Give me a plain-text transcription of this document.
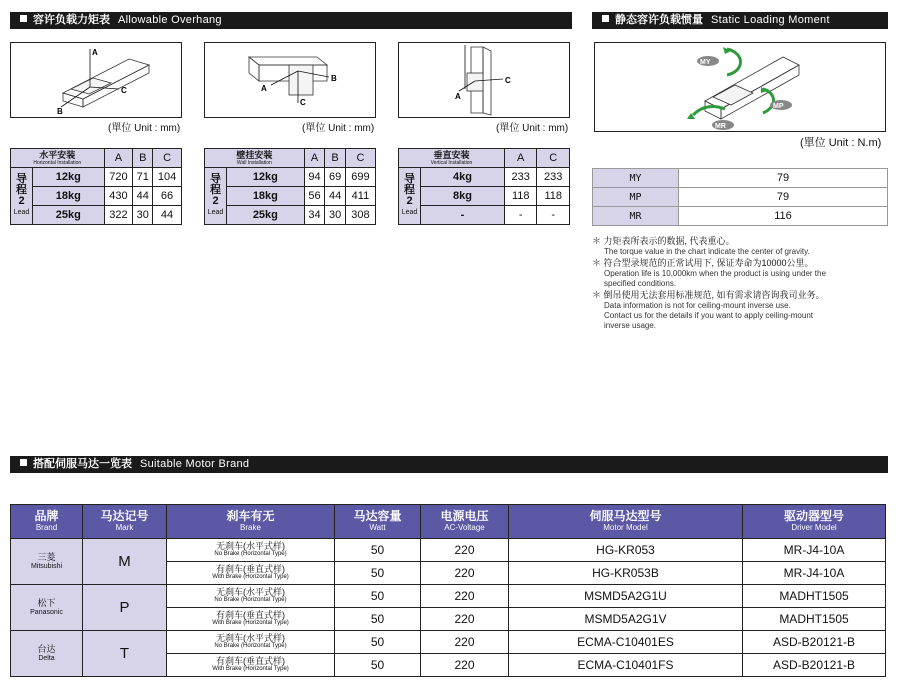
容许负载力矩表 Allowable Overhang
A
C
B
(單位 Unit : mm)
A
C
B
(單位 Unit : mm)
A
C
(單位 Unit : mm)
水平安装
Horizontal Installation		A	B	C
导程
2
Lead	12kg	720	71	104
	18kg	430	44	66
	25kg	322	30	44
壁挂安装
Wall Installation		A	B	C
导程
2
Lead	12kg	94	69	699
	18kg	56	44	411
	25kg	34	30	308
垂直安装
Vertical Installation		A	C
导程
2
Lead	4kg	233	233
	8kg	118	118
	-	-	-
静态容许负载惯量 Static Loading Moment
MY
MP
MR
(單位 Unit : N.m)
MY	79
MP	79
MR	116

＊ 力矩表所表示的数据, 代表重心。
The torque value in the chart indicate the center of gravity.

＊ 符合型录规范的正常试用下, 保证寿命为10000公里。
Operation life is 10,000km when the product is using under the
specified conditions.

＊ 倒吊使用无法套用标准规范, 如有需求请咨询我司业务。
Data information is not for ceiling-mount inverse use.
Contact us for the details if you want to apply ceiling-mount
inverse usage.

搭配伺服马达一览表 Suitable Motor Brand
品牌
Brand	马达记号
Mark	刹车有无
Brake	马达容量
Watt	电源电压
AC-Voltage	伺服马达型号
Motor Model	驱动器型号
Driver Model

三菱
Mitsubishi	M	无刹车(水平式样)
No Brake (Horizontal Type)	50	220	HG-KR053	MR-J4-10A
		有刹车(垂直式样)
With Brake (Horizontal Type)	50	220	HG-KR053B	MR-J4-10A
松下
Panasonic	P	无刹车(水平式样)
No Brake (Horizontal Type)	50	220	MSMD5A2G1U	MADHT1505
		有刹车(垂直式样)
With Brake (Horizontal Type)	50	220	MSMD5A2G1V	MADHT1505
台达
Delta	T	无刹车(水平式样)
No Brake (Horizontal Type)	50	220	ECMA-C10401ES	ASD-B20121-B
		有刹车(垂直式样)
With Brake (Horizontal Type)	50	220	ECMA-C10401FS	ASD-B20121-B
